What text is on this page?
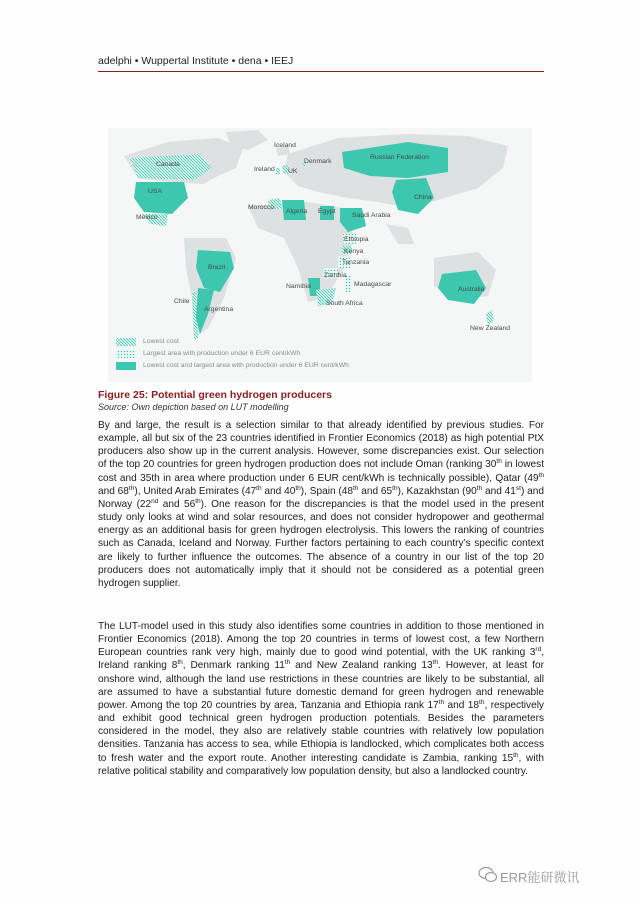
adelphi • Wuppertal Institute • dena • IEEJ
Iceland
Canada	Denmark
Russian Federation
Ireland UK
USA
China
Mexico
Morocco
Algeria Egypt
Saudi Arabia
Ethiopia
Kenya
Tanzania
Brazil
Zambia
Namibia	Madagascar
Australia
Chile	South Africa
Argentina
New Zealand
Lowest cost
Largest area with production under 6 EUR cent/kWh
Lowest cost and largest area with production under 6 EUR cent/kWh
Figure 25: Potential green hydrogen producers
Source: Own depiction based on LUT modelling
By and large, the result is a selection similar to that already identified by previous studies. For example, all but six of the 23 countries identified in Frontier Economics (2018) as high potential PtX producers also show up in the current analysis. However, some discrepancies exist. Our selection of the top 20 countries for green hydrogen production does not include Oman (ranking 30th in lowest cost and 35th in area where production under 6 EUR cent/kWh is technically possible), Qatar (49th and 68th), United Arab Emirates (47th and 40th), Spain (48th and 65th), Kazakhstan (90th and 41st) and Norway (22nd and 56th). One reason for the discrepancies is that the model used in the present study only looks at wind and solar resources, and does not consider hydropower and geothermal energy as an additional basis for green hydrogen electrolysis. This lowers the ranking of countries such as Canada, Iceland and Norway. Further factors pertaining to each country’s specific context are likely to further influence the outcomes. The absence of a country in our list of the top 20 producers does not automatically imply that it should not be considered as a potential green hydrogen supplier.
The LUT-model used in this study also identifies some countries in addition to those mentioned in Frontier Economics (2018). Among the top 20 countries in terms of lowest cost, a few Northern European countries rank very high, mainly due to good wind potential, with the UK ranking 3rd, Ireland ranking 8th, Denmark ranking 11th and New Zealand ranking 13th. However, at least for onshore wind, although the land use restrictions in these countries are likely to be substantial, all are assumed to have a substantial future domestic demand for green hydrogen and renewable power. Among the top 20 countries by area, Tanzania and Ethiopia rank 17th and 18th, respectively and exhibit good technical green hydrogen production potentials. Besides the parameters considered in the model, they also are relatively stable countries with relatively low population densities. Tanzania has access to sea, while Ethiopia is landlocked, which complicates both access to fresh water and the export route. Another interesting candidate is Zambia, ranking 15th, with relative political stability and comparatively low population density, but also a landlocked country.
ERR能研微讯
